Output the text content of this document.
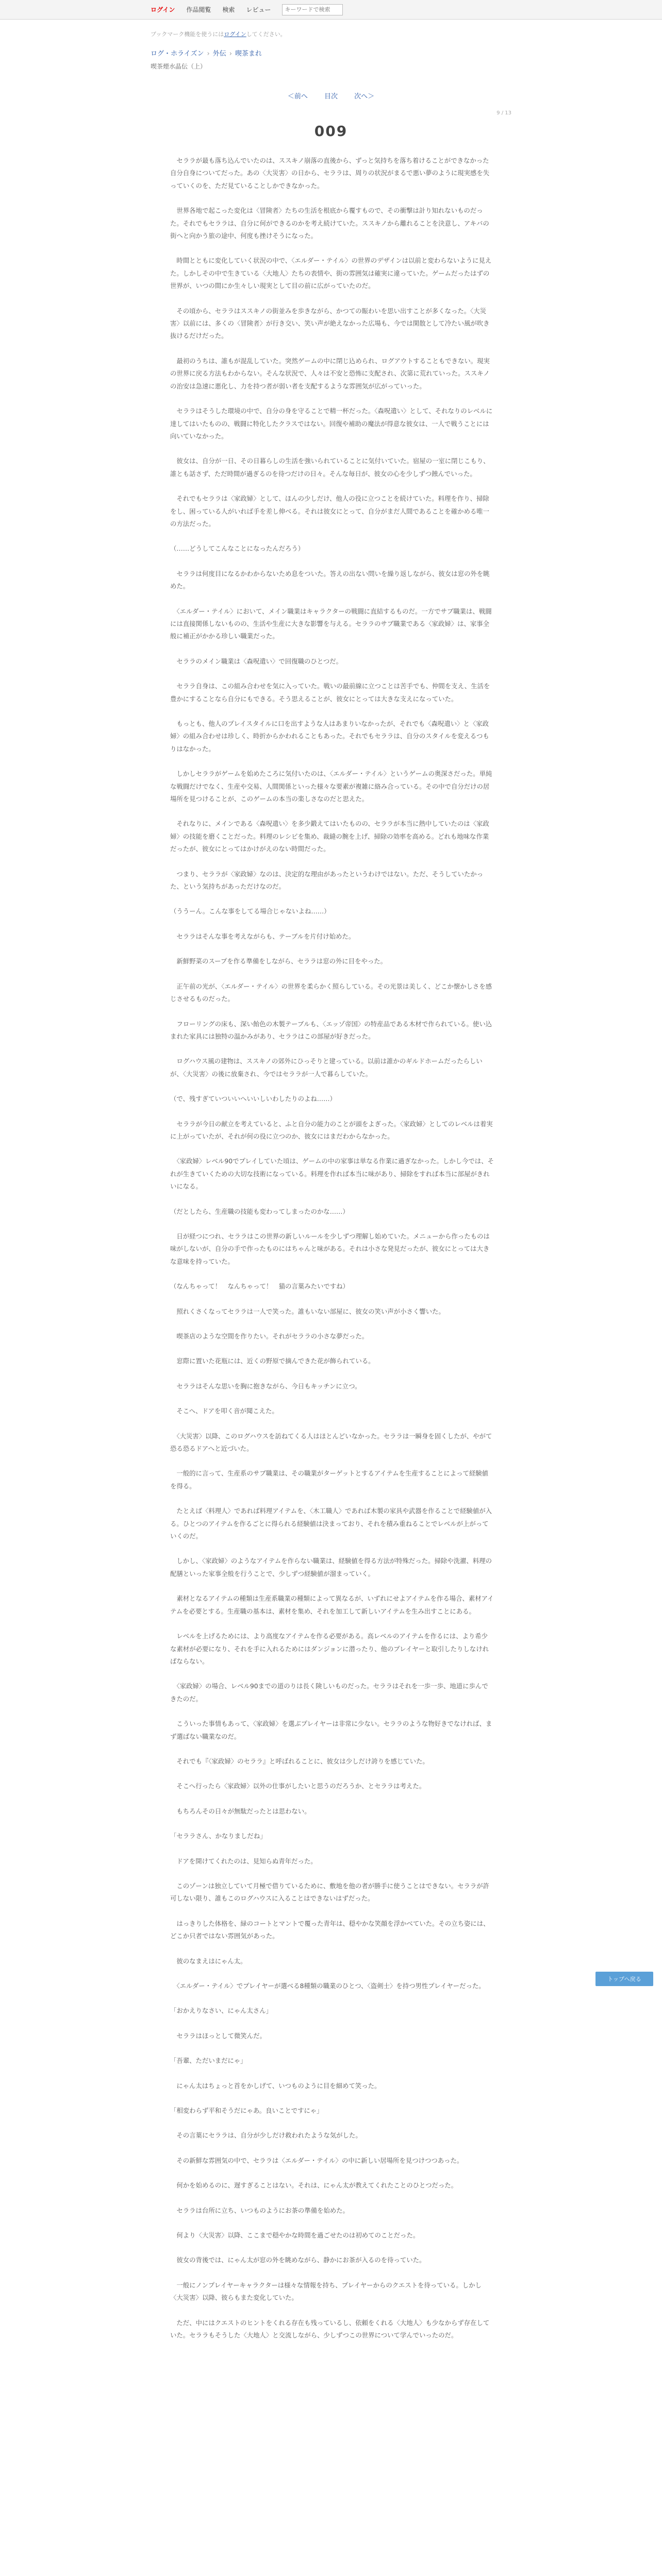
ログイン 作品閲覧 検索 レビュー
キーワードで検索
ブックマーク機能を使うにはログインしてください。
ログ・ホライズン › 外伝 › 喫茶まれ
喫茶煙水晶伝（上）
＜前へ 目次 次へ＞
9 / 13
009

　セララが最も落ち込んでいたのは、ススキノ崩落の直後から、ずっと気持ちを落ち着けることができなかった自分自身についてだった。あの〈大災害〉の日から、セララは、周りの状況がまるで悪い夢のように現実感を失っていくのを、ただ見ていることしかできなかった。

　世界各地で起こった変化は〈冒険者〉たちの生活を根底から覆すもので、その衝撃は計り知れないものだった。それでもセララは、自分に何ができるのかを考え続けていた。ススキノから離れることを決意し、アキバの街へと向かう旅の途中、何度も挫けそうになった。

　時間とともに変化していく状況の中で、〈エルダー・テイル〉の世界のデザインは以前と変わらないように見えた。しかしその中で生きている〈大地人〉たちの表情や、街の雰囲気は確実に違っていた。ゲームだったはずの世界が、いつの間にか生々しい現実として目の前に広がっていたのだ。

　その頃から、セララはススキノの街並みを歩きながら、かつての賑わいを思い出すことが多くなった。〈大災害〉以前には、多くの〈冒険者〉が行き交い、笑い声が絶えなかった広場も、今では閑散として冷たい風が吹き抜けるだけだった。

　最初のうちは、誰もが混乱していた。突然ゲームの中に閉じ込められ、ログアウトすることもできない。現実の世界に戻る方法もわからない。そんな状況で、人々は不安と恐怖に支配され、次第に荒れていった。ススキノの治安は急速に悪化し、力を持つ者が弱い者を支配するような雰囲気が広がっていった。

　セララはそうした環境の中で、自分の身を守ることで精一杯だった。〈森呪遣い〉として、それなりのレベルに達してはいたものの、戦闘に特化したクラスではない。回復や補助の魔法が得意な彼女は、一人で戦うことには向いていなかった。

　彼女は、自分が一日、その日暮らしの生活を強いられていることに気付いていた。宿屋の一室に閉じこもり、誰とも話さず、ただ時間が過ぎるのを待つだけの日々。そんな毎日が、彼女の心を少しずつ蝕んでいった。

　それでもセララは〈家政婦〉として、ほんの少しだけ、他人の役に立つことを続けていた。料理を作り、掃除をし、困っている人がいれば手を差し伸べる。それは彼女にとって、自分がまだ人間であることを確かめる唯一の方法だった。

（……どうしてこんなことになったんだろう）

　セララは何度目になるかわからないため息をついた。答えの出ない問いを繰り返しながら、彼女は窓の外を眺めた。

　〈エルダー・テイル〉において、メイン職業はキャラクターの戦闘に直結するものだ。一方でサブ職業は、戦闘には直接関係しないものの、生活や生産に大きな影響を与える。セララのサブ職業である〈家政婦〉は、家事全般に補正がかかる珍しい職業だった。

　セララのメイン職業は〈森呪遣い〉で回復職のひとつだ。

　セララ自身は、この組み合わせを気に入っていた。戦いの最前線に立つことは苦手でも、仲間を支え、生活を豊かにすることなら自分にもできる。そう思えることが、彼女にとっては大きな支えになっていた。

　もっとも、他人のプレイスタイルに口を出すような人はあまりいなかったが、それでも〈森呪遣い〉と〈家政婦〉の組み合わせは珍しく、時折からかわれることもあった。それでもセララは、自分のスタイルを変えるつもりはなかった。

　しかしセララがゲームを始めたころに気付いたのは、〈エルダー・テイル〉というゲームの奥深さだった。単純な戦闘だけでなく、生産や交易、人間関係といった様々な要素が複雑に絡み合っている。その中で自分だけの居場所を見つけることが、このゲームの本当の楽しさなのだと思えた。

　それなりに、メインである〈森呪遣い〉を多少鍛えてはいたものの、セララが本当に熱中していたのは〈家政婦〉の技能を磨くことだった。料理のレシピを集め、裁縫の腕を上げ、掃除の効率を高める。どれも地味な作業だったが、彼女にとってはかけがえのない時間だった。

　つまり、セララが〈家政婦〉なのは、決定的な理由があったというわけではない。ただ、そうしていたかった、という気持ちがあっただけなのだ。

（ううーん。こんな事をしてる場合じゃないよね……）

　セララはそんな事を考えながらも、テーブルを片付け始めた。

　新鮮野菜のスープを作る準備をしながら、セララは窓の外に目をやった。

　正午前の光が、〈エルダー・テイル〉の世界を柔らかく照らしている。その光景は美しく、どこか懐かしさを感じさせるものだった。

　フローリングの床も、深い飴色の木製テーブルも、〈エッゾ帝国〉の特産品である木材で作られている。使い込まれた家具には独特の温かみがあり、セララはこの部屋が好きだった。

　ログハウス風の建物は、ススキノの郊外にひっそりと建っている。以前は誰かのギルドホームだったらしいが、〈大災害〉の後に放棄され、今ではセララが一人で暮らしていた。

（で、残すぎていついいへいいしいわしたりのよね……）

　セララが今日の献立を考えていると、ふと自分の能力のことが頭をよぎった。〈家政婦〉としてのレベルは着実に上がっていたが、それが何の役に立つのか、彼女にはまだわからなかった。

　〈家政婦〉レベル90でプレイしていた頃は、ゲームの中の家事は単なる作業に過ぎなかった。しかし今では、それが生きていくための大切な技術になっている。料理を作れば本当に味があり、掃除をすれば本当に部屋がきれいになる。

（だとしたら、生産職の技能も変わってしまったのかな……）

　日が経つにつれ、セララはこの世界の新しいルールを少しずつ理解し始めていた。メニューから作ったものは味がしないが、自分の手で作ったものにはちゃんと味がある。それは小さな発見だったが、彼女にとっては大きな意味を持っていた。

（なんちゃって！　なんちゃって！　猫の言葉みたいですね）

　照れくさくなってセララは一人で笑った。誰もいない部屋に、彼女の笑い声が小さく響いた。

　喫茶店のような空間を作りたい。それがセララの小さな夢だった。

　窓際に置いた花瓶には、近くの野原で摘んできた花が飾られている。

　セララはそんな思いを胸に抱きながら、今日もキッチンに立つ。

　そこへ、ドアを叩く音が聞こえた。

　〈大災害〉以降、このログハウスを訪ねてくる人はほとんどいなかった。セララは一瞬身を固くしたが、やがて恐る恐るドアへと近づいた。

　一般的に言って、生産系のサブ職業は、その職業がターゲットとするアイテムを生産することによって経験値を得る。

　たとえば〈料理人〉であれば料理アイテムを、〈木工職人〉であれば木製の家具や武器を作ることで経験値が入る。ひとつのアイテムを作るごとに得られる経験値は決まっており、それを積み重ねることでレベルが上がっていくのだ。

　しかし、〈家政婦〉のようなアイテムを作らない職業は、経験値を得る方法が特殊だった。掃除や洗濯、料理の配膳といった家事全般を行うことで、少しずつ経験値が溜まっていく。

　素材となるアイテムの種類は生産系職業の種類によって異なるが、いずれにせよアイテムを作る場合、素材アイテムを必要とする。生産職の基本は、素材を集め、それを加工して新しいアイテムを生み出すことにある。

　レベルを上げるためには、より高度なアイテムを作る必要がある。高レベルのアイテムを作るには、より希少な素材が必要になり、それを手に入れるためにはダンジョンに潜ったり、他のプレイヤーと取引したりしなければならない。

　〈家政婦〉の場合、レベル90までの道のりは長く険しいものだった。セララはそれを一歩一歩、地道に歩んできたのだ。

　こういった事情もあって、〈家政婦〉を選ぶプレイヤーは非常に少ない。セララのような物好きでなければ、まず選ばない職業なのだ。

　それでも『〈家政婦〉のセララ』と呼ばれることに、彼女は少しだけ誇りを感じていた。

　そこへ行ったら〈家政婦〉以外の仕事がしたいと思うのだろうか、とセララは考えた。

　もちろんその日々が無駄だったとは思わない。

「セララさん、かなりましだね」

　ドアを開けてくれたのは、見知らぬ青年だった。

　このゾーンは独立していて月極で借りているために、敷地を他の者が勝手に使うことはできない。セララが許可しない限り、誰もこのログハウスに入ることはできないはずだった。

　はっきりした体格を、緑のコートとマントで覆った青年は、穏やかな笑顔を浮かべていた。その立ち姿には、どこか只者ではない雰囲気があった。

　彼のなまえはにゃん太。

　〈エルダー・テイル〉でプレイヤーが選べる8種類の職業のひとつ、〈盗剣士〉を持つ男性プレイヤーだった。

「おかえりなさい、にゃん太さん」

　セララはほっとして微笑んだ。

「吾輩、ただいまだにゃ」

　にゃん太はちょっと首をかしげて、いつものように目を細めて笑った。

「相変わらず平和そうだにゃあ。良いことですにゃ」

　その言葉にセララは、自分が少しだけ救われたような気がした。

　その新鮮な雰囲気の中で、セララは〈エルダー・テイル〉の中に新しい居場所を見つけつつあった。

　何かを始めるのに、遅すぎることはない。それは、にゃん太が教えてくれたことのひとつだった。

　セララは台所に立ち、いつものようにお茶の準備を始めた。

　何より〈大災害〉以降、ここまで穏やかな時間を過ごせたのは初めてのことだった。

　彼女の背後では、にゃん太が窓の外を眺めながら、静かにお茶が入るのを待っていた。

　一般にノンプレイヤーキャラクターは様々な情報を持ち、プレイヤーからのクエストを待っている。しかし〈大災害〉以降、彼らもまた変化していた。

　ただ、中にはクエストのヒントをくれる存在も残っているし、依頼をくれる〈大地人〉も少なからず存在していた。セララもそうした〈大地人〉と交流しながら、少しずつこの世界について学んでいったのだ。

トップへ戻る
